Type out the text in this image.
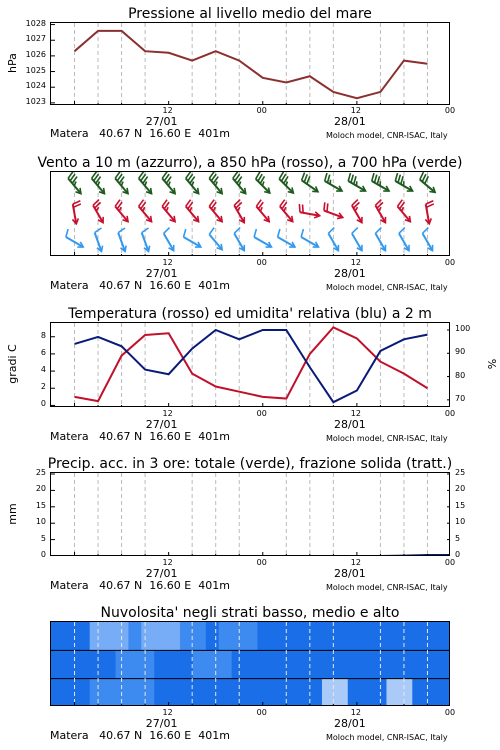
Pressione al livello medio del mare
hPa
1023
1024
1025
1026
1027
1028
12	00	12	00
27/01	28/01
Matera   40.67 N  16.60 E  401m	Moloch model, CNR-ISAC, Italy
Vento a 10 m (azzurro), a 850 hPa (rosso), a 700 hPa (verde)
12	00	12	00
27/01	28/01
Matera   40.67 N  16.60 E  401m	Moloch model, CNR-ISAC, Italy
Temperatura (rosso) ed umidita' relativa (blu) a 2 m
gradi C	%
0
2
4
6
8
70
80
90
100
12	00	12	00
27/01	28/01
Matera   40.67 N  16.60 E  401m	Moloch model, CNR-ISAC, Italy
Precip. acc. in 3 ore: totale (verde), frazione solida (tratt.)
mm
0	0
5	5
10	10
15	15
20	20
25	25
12	00	12	00
27/01	28/01
Matera   40.67 N  16.60 E  401m	Moloch model, CNR-ISAC, Italy
Nuvolosita' negli strati basso, medio e alto
12	00	12	00
27/01	28/01
Matera   40.67 N  16.60 E  401m	Moloch model, CNR-ISAC, Italy
